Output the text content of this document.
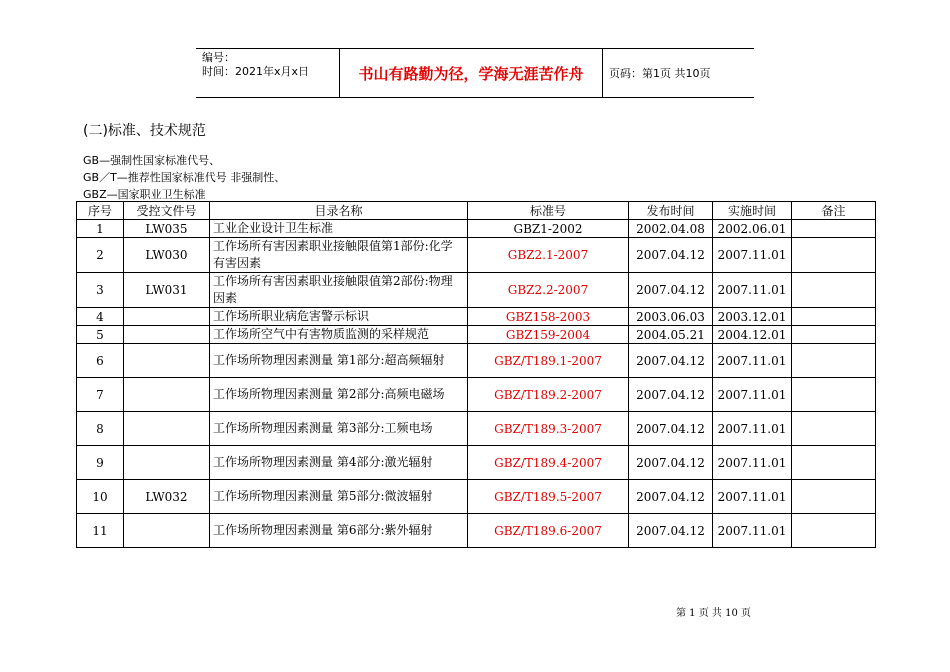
编号：
时间：2021年x月x日	书山有路勤为径，学海无涯苦作舟	页码：第1页 共10页
(二)标准、技术规范
GB—强制性国家标准代号、
GB／T—推荐性国家标准代号 非强制性、
GBZ—国家职业卫生标准
序号	受控文件号	目录名称	标准号	发布时间	实施时间	备注
1	LW035	工业企业设计卫生标准	GBZ1-2002	2002.04.08	2002.06.01	
2	LW030	工作场所有害因素职业接触限值第1部份:化学有害因素	GBZ2.1-2007	2007.04.12	2007.11.01	
3	LW031	工作场所有害因素职业接触限值第2部份:物理因素	GBZ2.2-2007	2007.04.12	2007.11.01	
4		工作场所职业病危害警示标识	GBZ158-2003	2003.06.03	2003.12.01	
5		工作场所空气中有害物质监测的采样规范	GBZ159-2004	2004.05.21	2004.12.01	
6		工作场所物理因素测量 第1部分:超高频辐射	GBZ/T189.1-2007	2007.04.12	2007.11.01	
7		工作场所物理因素测量 第2部分:高频电磁场	GBZ/T189.2-2007	2007.04.12	2007.11.01	
8		工作场所物理因素测量 第3部分:工频电场	GBZ/T189.3-2007	2007.04.12	2007.11.01	
9		工作场所物理因素测量 第4部分:激光辐射	GBZ/T189.4-2007	2007.04.12	2007.11.01	
10	LW032	工作场所物理因素测量 第5部分:微波辐射	GBZ/T189.5-2007	2007.04.12	2007.11.01	
11		工作场所物理因素测量 第6部分:紫外辐射	GBZ/T189.6-2007	2007.04.12	2007.11.01	
第 1 页 共 10 页
